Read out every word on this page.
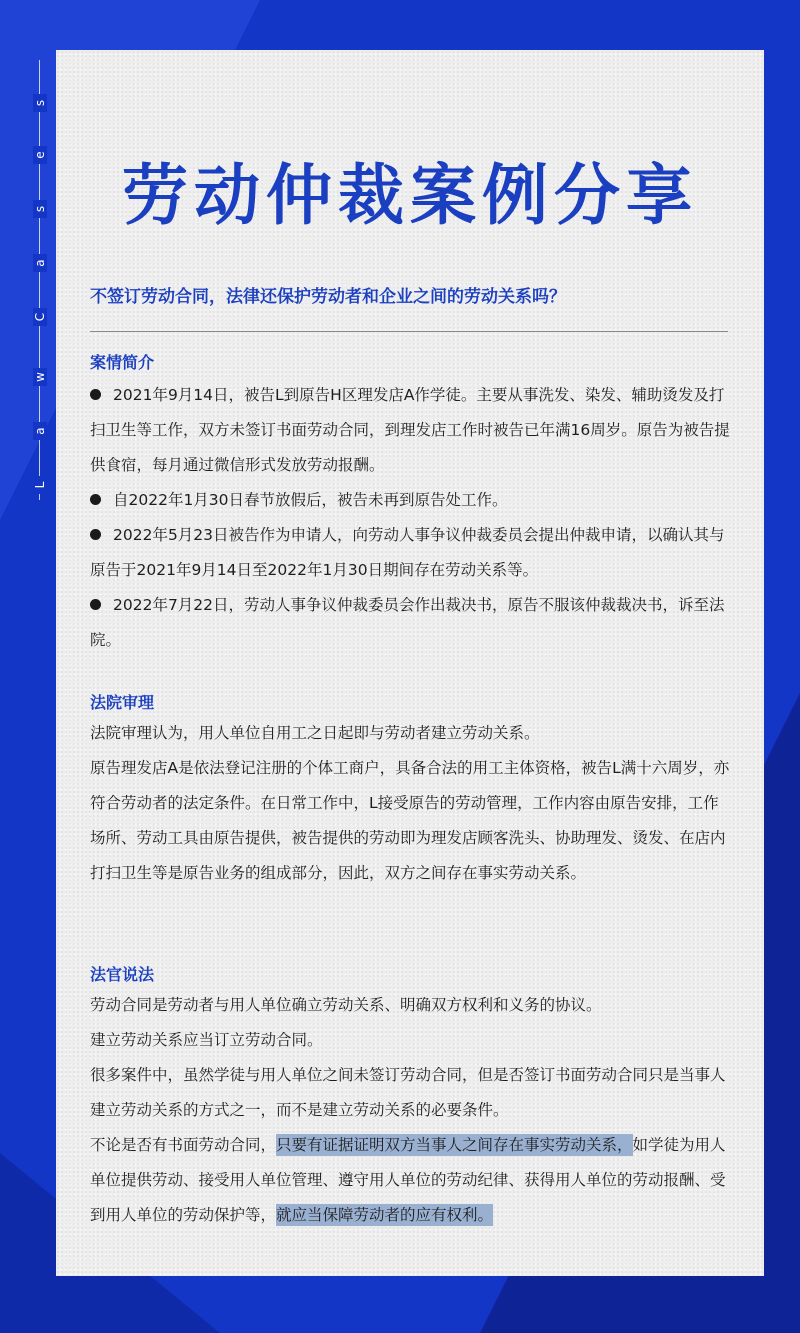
L
a
w
C
a
s
e
s
劳动仲裁案例分享
不签订劳动合同，法律还保护劳动者和企业之间的劳动关系吗？
案情简介

2021年9月14日，被告L到原告H区理发店A作学徒。主要从事洗发、染发、辅助烫发及打扫卫生等工作，双方未签订书面劳动合同，到理发店工作时被告已年满16周岁。原告为被告提供食宿，每月通过微信形式发放劳动报酬。

自2022年1月30日春节放假后，被告未再到原告处工作。

2022年5月23日被告作为申请人，向劳动人事争议仲裁委员会提出仲裁申请，以确认其与原告于2021年9月14日至2022年1月30日期间存在劳动关系等。

2022年7月22日，劳动人事争议仲裁委员会作出裁决书，原告不服该仲裁裁决书，诉至法院。

法院审理

法院审理认为，用人单位自用工之日起即与劳动者建立劳动关系。

原告理发店A是依法登记注册的个体工商户，具备合法的用工主体资格，被告L满十六周岁，亦符合劳动者的法定条件。在日常工作中，L接受原告的劳动管理，工作内容由原告安排，工作场所、劳动工具由原告提供，被告提供的劳动即为理发店顾客洗头、协助理发、烫发、在店内打扫卫生等是原告业务的组成部分，因此，双方之间存在事实劳动关系。

法官说法

劳动合同是劳动者与用人单位确立劳动关系、明确双方权利和义务的协议。

建立劳动关系应当订立劳动合同。

很多案件中，虽然学徒与用人单位之间未签订劳动合同，但是否签订书面劳动合同只是当事人建立劳动关系的方式之一，而不是建立劳动关系的必要条件。

不论是否有书面劳动合同，只要有证据证明双方当事人之间存在事实劳动关系，如学徒为用人单位提供劳动、接受用人单位管理、遵守用人单位的劳动纪律、获得用人单位的劳动报酬、受到用人单位的劳动保护等，就应当保障劳动者的应有权利。
